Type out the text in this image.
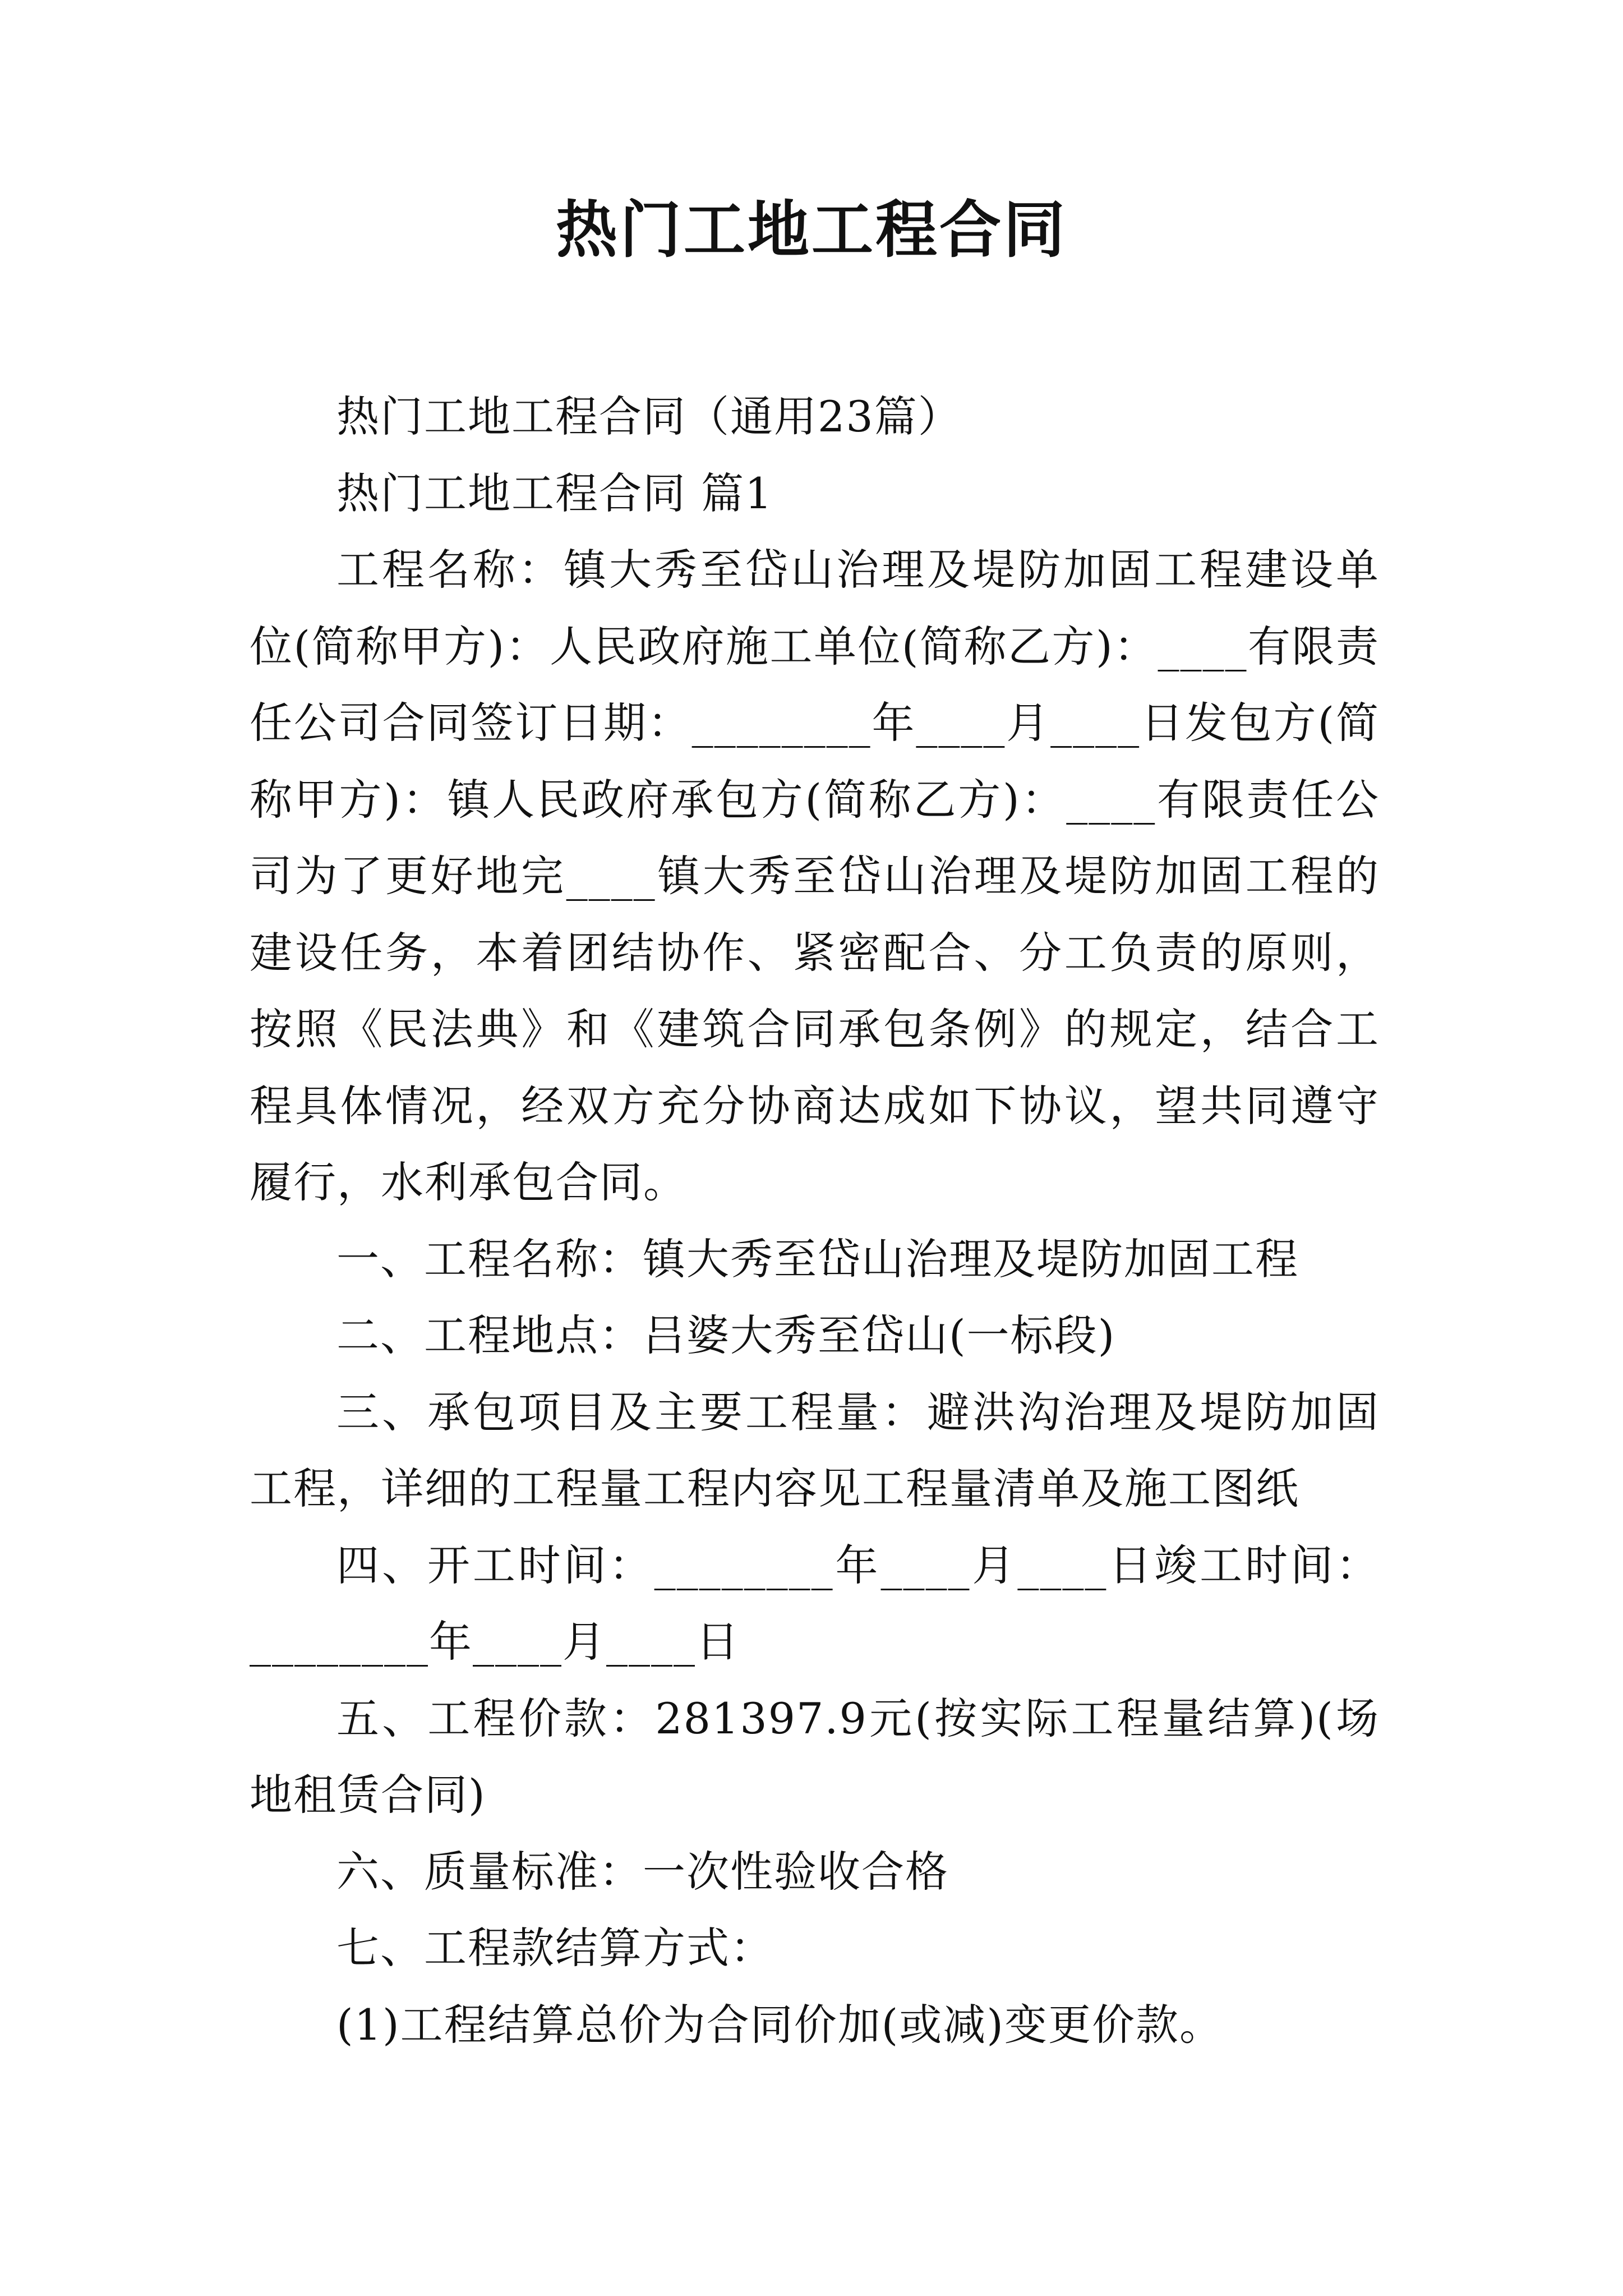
热门工地工程合同

热门工地工程合同（通用23篇）

热门工地工程合同 篇1

工程名称：镇大秀至岱山治理及堤防加固工程建设单位(简称甲方)：人民政府施工单位(简称乙方)：____有限责任公司合同签订日期：________年____月____日发包方(简称甲方)：镇人民政府承包方(简称乙方)：____有限责任公司为了更好地完____镇大秀至岱山治理及堤防加固工程的建设任务，本着团结协作、紧密配合、分工负责的原则，按照《民法典》和《建筑合同承包条例》的规定，结合工程具体情况，经双方充分协商达成如下协议，望共同遵守履行，水利承包合同。

一、工程名称：镇大秀至岱山治理及堤防加固工程

二、工程地点：吕婆大秀至岱山(一标段)

三、承包项目及主要工程量：避洪沟治理及堤防加固工程，详细的工程量工程内容见工程量清单及施工图纸

四、开工时间：________年____月____日竣工时间：________年____月____日

五、工程价款：281397.9元(按实际工程量结算)(场地租赁合同)

六、质量标准：一次性验收合格

七、工程款结算方式：

(1)工程结算总价为合同价加(或减)变更价款。
